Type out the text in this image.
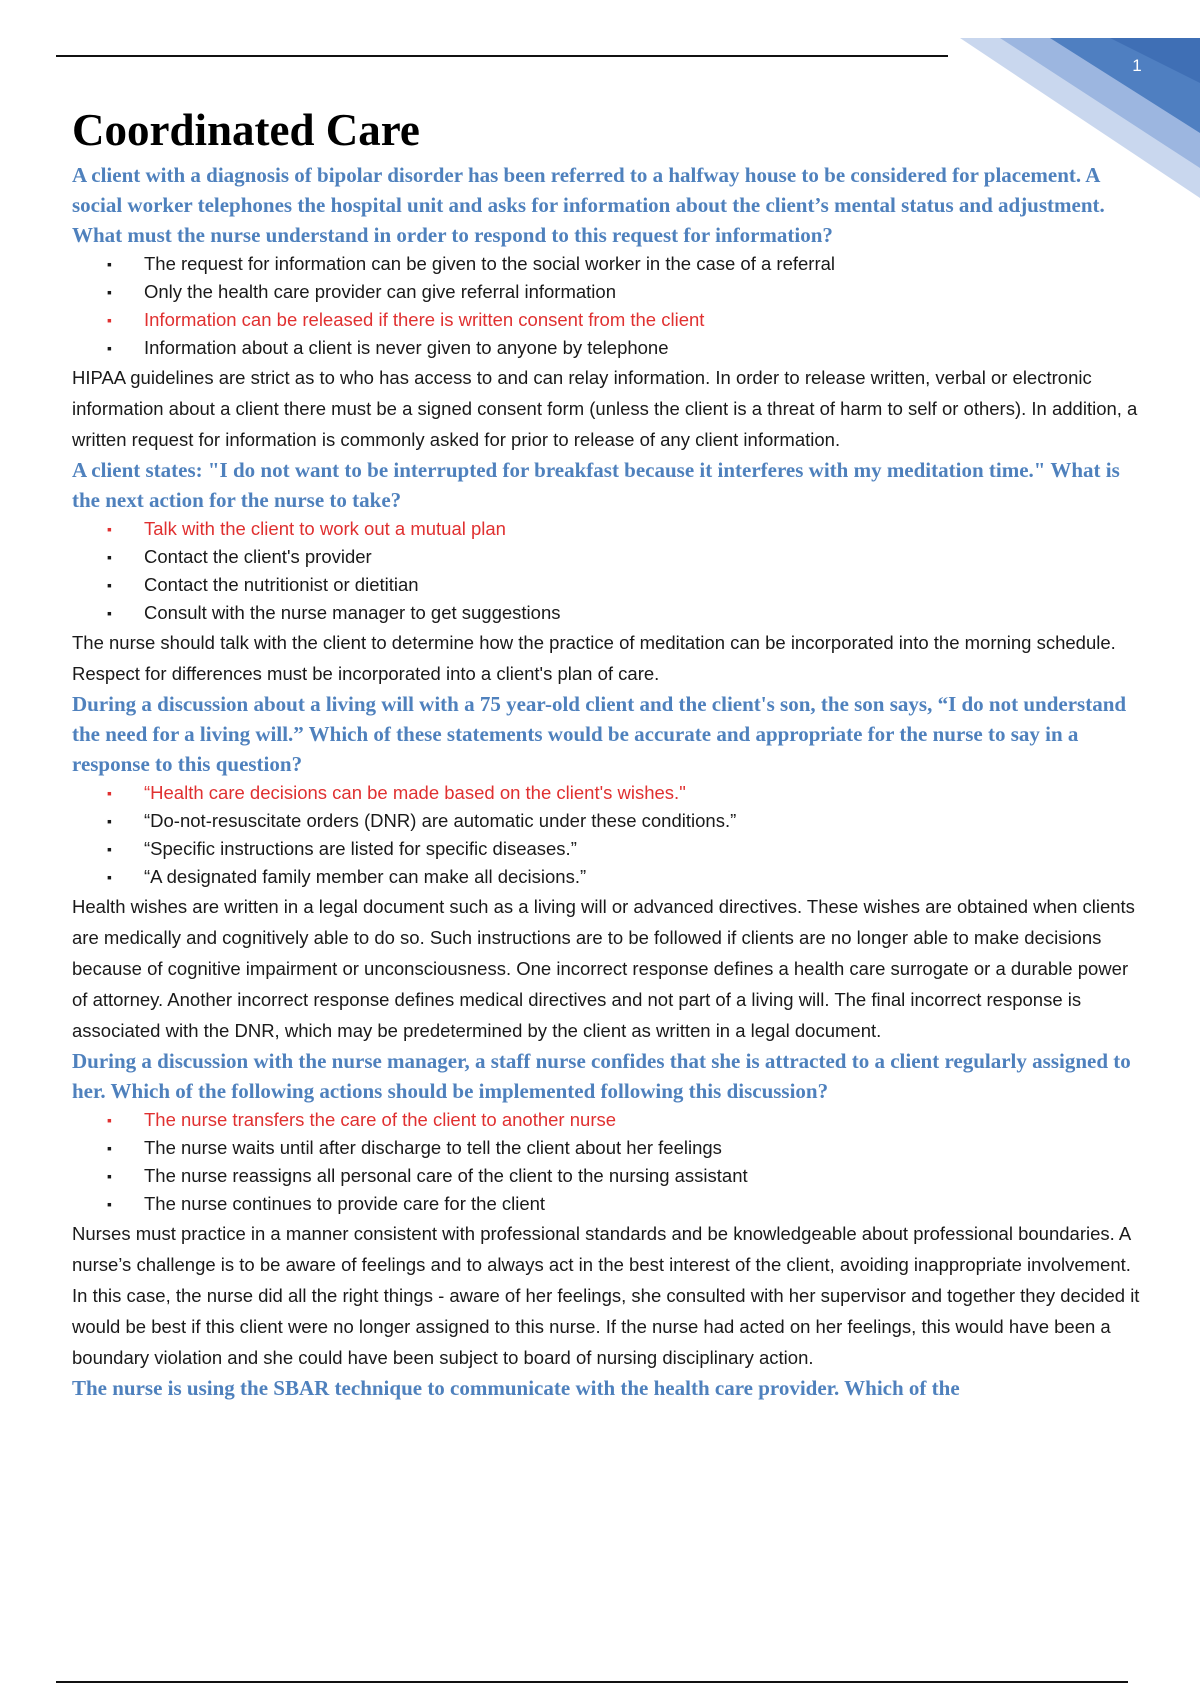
1
Coordinated Care

A client with a diagnosis of bipolar disorder has been referred to a halfway house to be considered for placement. A social worker telephones the hospital unit and asks for information about the client’s mental status and adjustment. What must the nurse understand in order to respond to this request for information?

▪ The request for information can be given to the social worker in the case of a referral
▪ Only the health care provider can give referral information
▪ Information can be released if there is written consent from the client
▪ Information about a client is never given to anyone by telephone

HIPAA guidelines are strict as to who has access to and can relay information. In order to release written, verbal or electronic information about a client there must be a signed consent form (unless the client is a threat of harm to self or others). In addition, a written request for information is commonly asked for prior to release of any client information.

A client states: "I do not want to be interrupted for breakfast because it interferes with my meditation time." What is the next action for the nurse to take?

▪ Talk with the client to work out a mutual plan
▪ Contact the client's provider
▪ Contact the nutritionist or dietitian
▪ Consult with the nurse manager to get suggestions

The nurse should talk with the client to determine how the practice of meditation can be incorporated into the morning schedule. Respect for differences must be incorporated into a client's plan of care.

During a discussion about a living will with a 75 year-old client and the client's son, the son says, “I do not understand the need for a living will.” Which of these statements would be accurate and appropriate for the nurse to say in a response to this question?

▪ “Health care decisions can be made based on the client's wishes."
▪ “Do-not-resuscitate orders (DNR) are automatic under these conditions.”
▪ “Specific instructions are listed for specific diseases.”
▪ “A designated family member can make all decisions.”

Health wishes are written in a legal document such as a living will or advanced directives. These wishes are obtained when clients are medically and cognitively able to do so. Such instructions are to be followed if clients are no longer able to make decisions because of cognitive impairment or unconsciousness. One incorrect response defines a health care surrogate or a durable power of attorney. Another incorrect response defines medical directives and not part of a living will. The final incorrect response is associated with the DNR, which may be predetermined by the client as written in a legal document.

During a discussion with the nurse manager, a staff nurse confides that she is attracted to a client regularly assigned to her. Which of the following actions should be implemented following this discussion?

▪ The nurse transfers the care of the client to another nurse
▪ The nurse waits until after discharge to tell the client about her feelings
▪ The nurse reassigns all personal care of the client to the nursing assistant
▪ The nurse continues to provide care for the client

Nurses must practice in a manner consistent with professional standards and be knowledgeable about professional boundaries. A nurse’s challenge is to be aware of feelings and to always act in the best interest of the client, avoiding inappropriate involvement. In this case, the nurse did all the right things - aware of her feelings, she consulted with her supervisor and together they decided it would be best if this client were no longer assigned to this nurse. If the nurse had acted on her feelings, this would have been a boundary violation and she could have been subject to board of nursing disciplinary action.

The nurse is using the SBAR technique to communicate with the health care provider. Which of the
